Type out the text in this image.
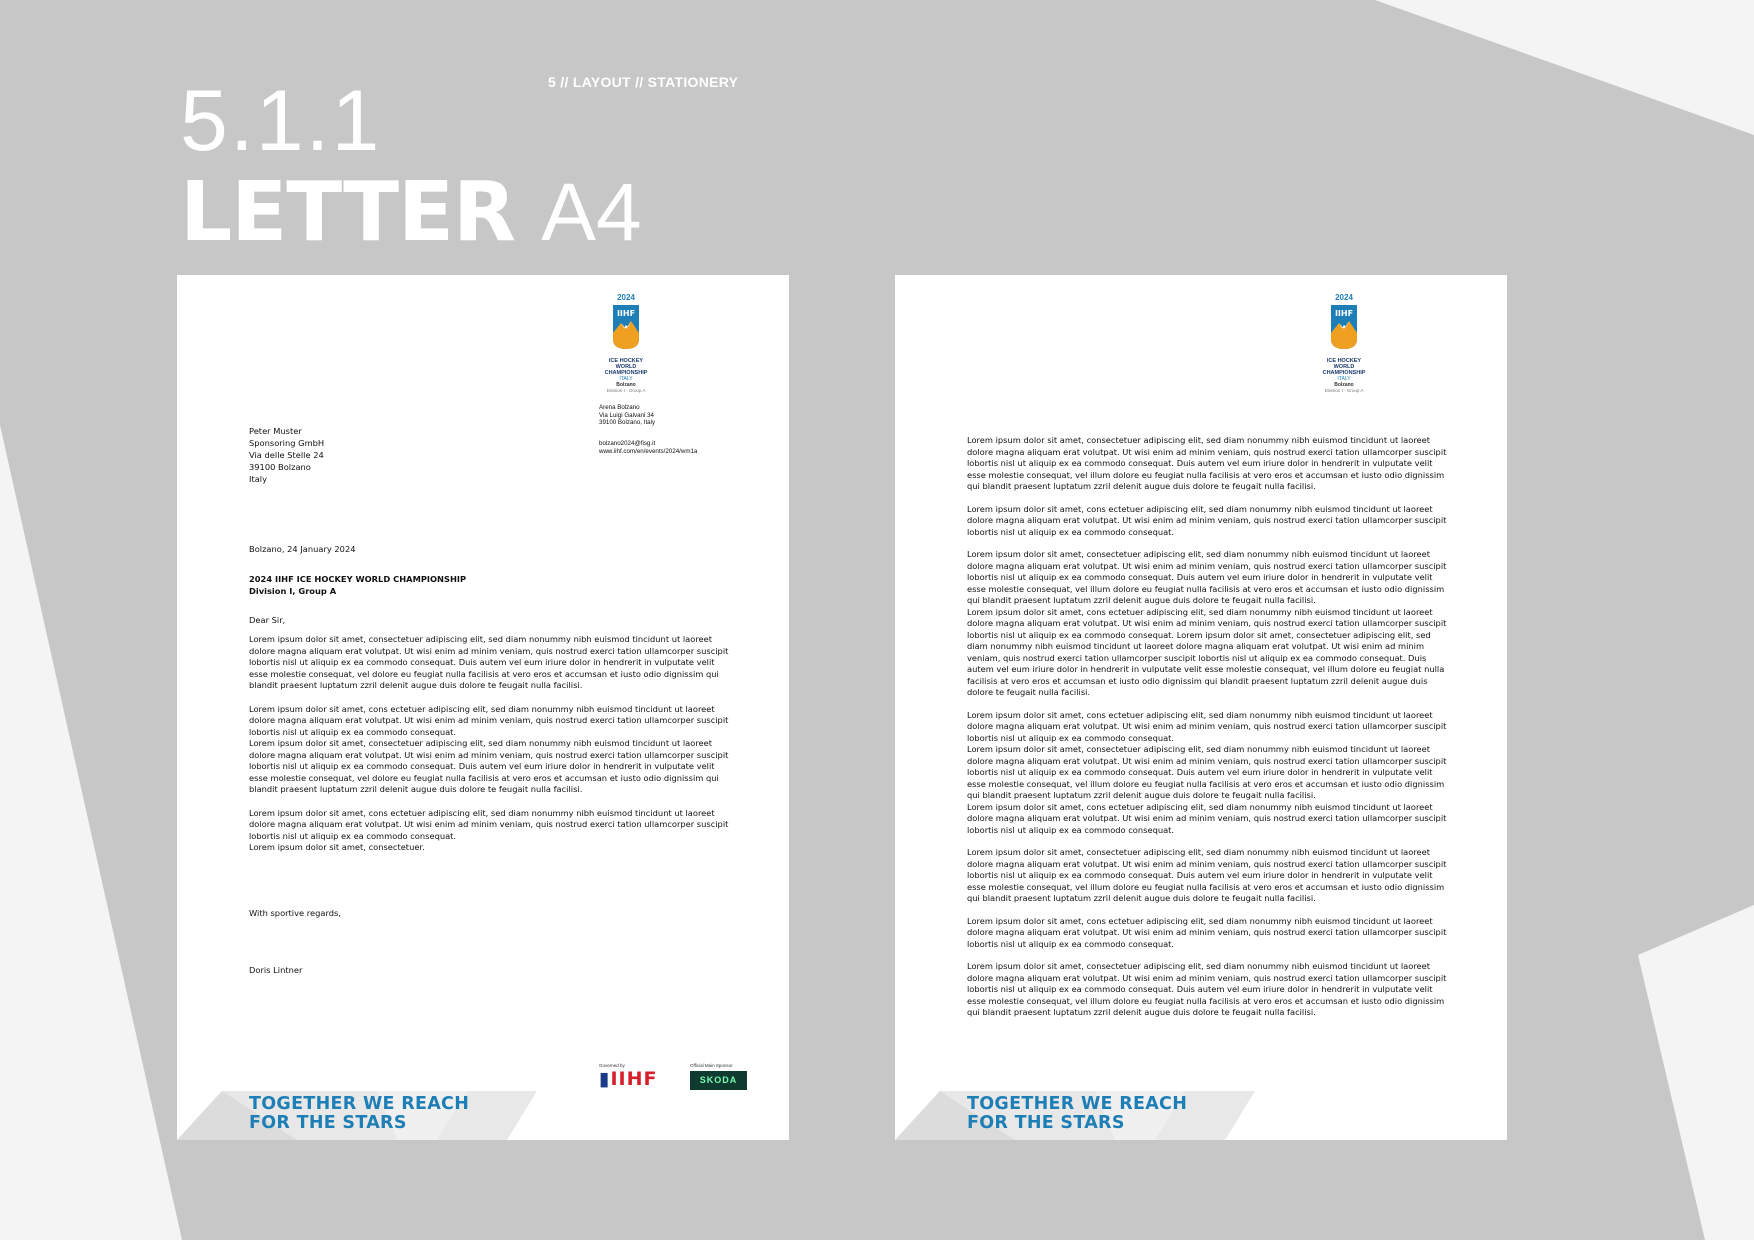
5 // LAYOUT // STATIONERY
5.1.1
LETTER A4
2024
IIHF
ICE HOCKEY
WORLD
CHAMPIONSHIP
ITALY
Bolzano
Division I - Group A
Arena Bolzano
Via Luigi Galvani 34
39100 Bolzano, Italy
bolzano2024@fisg.it
www.iihf.com/en/events/2024/wm1a
Peter Muster
Sponsoring GmbH
Via delle Stelle 24
39100 Bolzano
Italy
Bolzano, 24 January 2024
2024 IIHF ICE HOCKEY WORLD CHAMPIONSHIP
Division I, Group A
Dear Sir,

Lorem ipsum dolor sit amet, consectetuer adipiscing elit, sed diam nonummy nibh euismod tincidunt ut laoreet
dolore magna aliquam erat volutpat. Ut wisi enim ad minim veniam, quis nostrud exerci tation ullamcorper suscipit
lobortis nisl ut aliquip ex ea commodo consequat. Duis autem vel eum iriure dolor in hendrerit in vulputate velit
esse molestie consequat, vel dolore eu feugiat nulla facilisis at vero eros et accumsan et iusto odio dignissim qui
blandit praesent luptatum zzril delenit augue duis dolore te feugait nulla facilisi.

Lorem ipsum dolor sit amet, cons ectetuer adipiscing elit, sed diam nonummy nibh euismod tincidunt ut laoreet
dolore magna aliquam erat volutpat. Ut wisi enim ad minim veniam, quis nostrud exerci tation ullamcorper suscipit
lobortis nisl ut aliquip ex ea commodo consequat.
Lorem ipsum dolor sit amet, consectetuer adipiscing elit, sed diam nonummy nibh euismod tincidunt ut laoreet
dolore magna aliquam erat volutpat. Ut wisi enim ad minim veniam, quis nostrud exerci tation ullamcorper suscipit
lobortis nisl ut aliquip ex ea commodo consequat. Duis autem vel eum iriure dolor in hendrerit in vulputate velit
esse molestie consequat, vel dolore eu feugiat nulla facilisis at vero eros et accumsan et iusto odio dignissim qui
blandit praesent luptatum zzril delenit augue duis dolore te feugait nulla facilisi.

Lorem ipsum dolor sit amet, cons ectetuer adipiscing elit, sed diam nonummy nibh euismod tincidunt ut laoreet
dolore magna aliquam erat volutpat. Ut wisi enim ad minim veniam, quis nostrud exerci tation ullamcorper suscipit
lobortis nisl ut aliquip ex ea commodo consequat.
Lorem ipsum dolor sit amet, consectetuer.

With sportive regards,
Doris Lintner
Governed by
▮IIHF
Official Main Sponsor
SKODA
TOGETHER WE REACH
FOR THE STARS
2024
IIHF
ICE HOCKEY
WORLD
CHAMPIONSHIP
ITALY
Bolzano
Division I - Group A

Lorem ipsum dolor sit amet, consectetuer adipiscing elit, sed diam nonummy nibh euismod tincidunt ut laoreet
dolore magna aliquam erat volutpat. Ut wisi enim ad minim veniam, quis nostrud exerci tation ullamcorper suscipit
lobortis nisl ut aliquip ex ea commodo consequat. Duis autem vel eum iriure dolor in hendrerit in vulputate velit
esse molestie consequat, vel illum dolore eu feugiat nulla facilisis at vero eros et accumsan et iusto odio dignissim
qui blandit praesent luptatum zzril delenit augue duis dolore te feugait nulla facilisi.

Lorem ipsum dolor sit amet, cons ectetuer adipiscing elit, sed diam nonummy nibh euismod tincidunt ut laoreet
dolore magna aliquam erat volutpat. Ut wisi enim ad minim veniam, quis nostrud exerci tation ullamcorper suscipit
lobortis nisl ut aliquip ex ea commodo consequat.

Lorem ipsum dolor sit amet, consectetuer adipiscing elit, sed diam nonummy nibh euismod tincidunt ut laoreet
dolore magna aliquam erat volutpat. Ut wisi enim ad minim veniam, quis nostrud exerci tation ullamcorper suscipit
lobortis nisl ut aliquip ex ea commodo consequat. Duis autem vel eum iriure dolor in hendrerit in vulputate velit
esse molestie consequat, vel illum dolore eu feugiat nulla facilisis at vero eros et accumsan et iusto odio dignissim
qui blandit praesent luptatum zzril delenit augue duis dolore te feugait nulla facilisi.
Lorem ipsum dolor sit amet, cons ectetuer adipiscing elit, sed diam nonummy nibh euismod tincidunt ut laoreet
dolore magna aliquam erat volutpat. Ut wisi enim ad minim veniam, quis nostrud exerci tation ullamcorper suscipit
lobortis nisl ut aliquip ex ea commodo consequat. Lorem ipsum dolor sit amet, consectetuer adipiscing elit, sed
diam nonummy nibh euismod tincidunt ut laoreet dolore magna aliquam erat volutpat. Ut wisi enim ad minim
veniam, quis nostrud exerci tation ullamcorper suscipit lobortis nisl ut aliquip ex ea commodo consequat. Duis
autem vel eum iriure dolor in hendrerit in vulputate velit esse molestie consequat, vel illum dolore eu feugiat nulla
facilisis at vero eros et accumsan et iusto odio dignissim qui blandit praesent luptatum zzril delenit augue duis
dolore te feugait nulla facilisi.

Lorem ipsum dolor sit amet, cons ectetuer adipiscing elit, sed diam nonummy nibh euismod tincidunt ut laoreet
dolore magna aliquam erat volutpat. Ut wisi enim ad minim veniam, quis nostrud exerci tation ullamcorper suscipit
lobortis nisl ut aliquip ex ea commodo consequat.
Lorem ipsum dolor sit amet, consectetuer adipiscing elit, sed diam nonummy nibh euismod tincidunt ut laoreet
dolore magna aliquam erat volutpat. Ut wisi enim ad minim veniam, quis nostrud exerci tation ullamcorper suscipit
lobortis nisl ut aliquip ex ea commodo consequat. Duis autem vel eum iriure dolor in hendrerit in vulputate velit
esse molestie consequat, vel illum dolore eu feugiat nulla facilisis at vero eros et accumsan et iusto odio dignissim
qui blandit praesent luptatum zzril delenit augue duis dolore te feugait nulla facilisi.
Lorem ipsum dolor sit amet, cons ectetuer adipiscing elit, sed diam nonummy nibh euismod tincidunt ut laoreet
dolore magna aliquam erat volutpat. Ut wisi enim ad minim veniam, quis nostrud exerci tation ullamcorper suscipit
lobortis nisl ut aliquip ex ea commodo consequat.

Lorem ipsum dolor sit amet, consectetuer adipiscing elit, sed diam nonummy nibh euismod tincidunt ut laoreet
dolore magna aliquam erat volutpat. Ut wisi enim ad minim veniam, quis nostrud exerci tation ullamcorper suscipit
lobortis nisl ut aliquip ex ea commodo consequat. Duis autem vel eum iriure dolor in hendrerit in vulputate velit
esse molestie consequat, vel illum dolore eu feugiat nulla facilisis at vero eros et accumsan et iusto odio dignissim
qui blandit praesent luptatum zzril delenit augue duis dolore te feugait nulla facilisi.

Lorem ipsum dolor sit amet, cons ectetuer adipiscing elit, sed diam nonummy nibh euismod tincidunt ut laoreet
dolore magna aliquam erat volutpat. Ut wisi enim ad minim veniam, quis nostrud exerci tation ullamcorper suscipit
lobortis nisl ut aliquip ex ea commodo consequat.

Lorem ipsum dolor sit amet, consectetuer adipiscing elit, sed diam nonummy nibh euismod tincidunt ut laoreet
dolore magna aliquam erat volutpat. Ut wisi enim ad minim veniam, quis nostrud exerci tation ullamcorper suscipit
lobortis nisl ut aliquip ex ea commodo consequat. Duis autem vel eum iriure dolor in hendrerit in vulputate velit
esse molestie consequat, vel illum dolore eu feugiat nulla facilisis at vero eros et accumsan et iusto odio dignissim
qui blandit praesent luptatum zzril delenit augue duis dolore te feugait nulla facilisi.

TOGETHER WE REACH
FOR THE STARS
